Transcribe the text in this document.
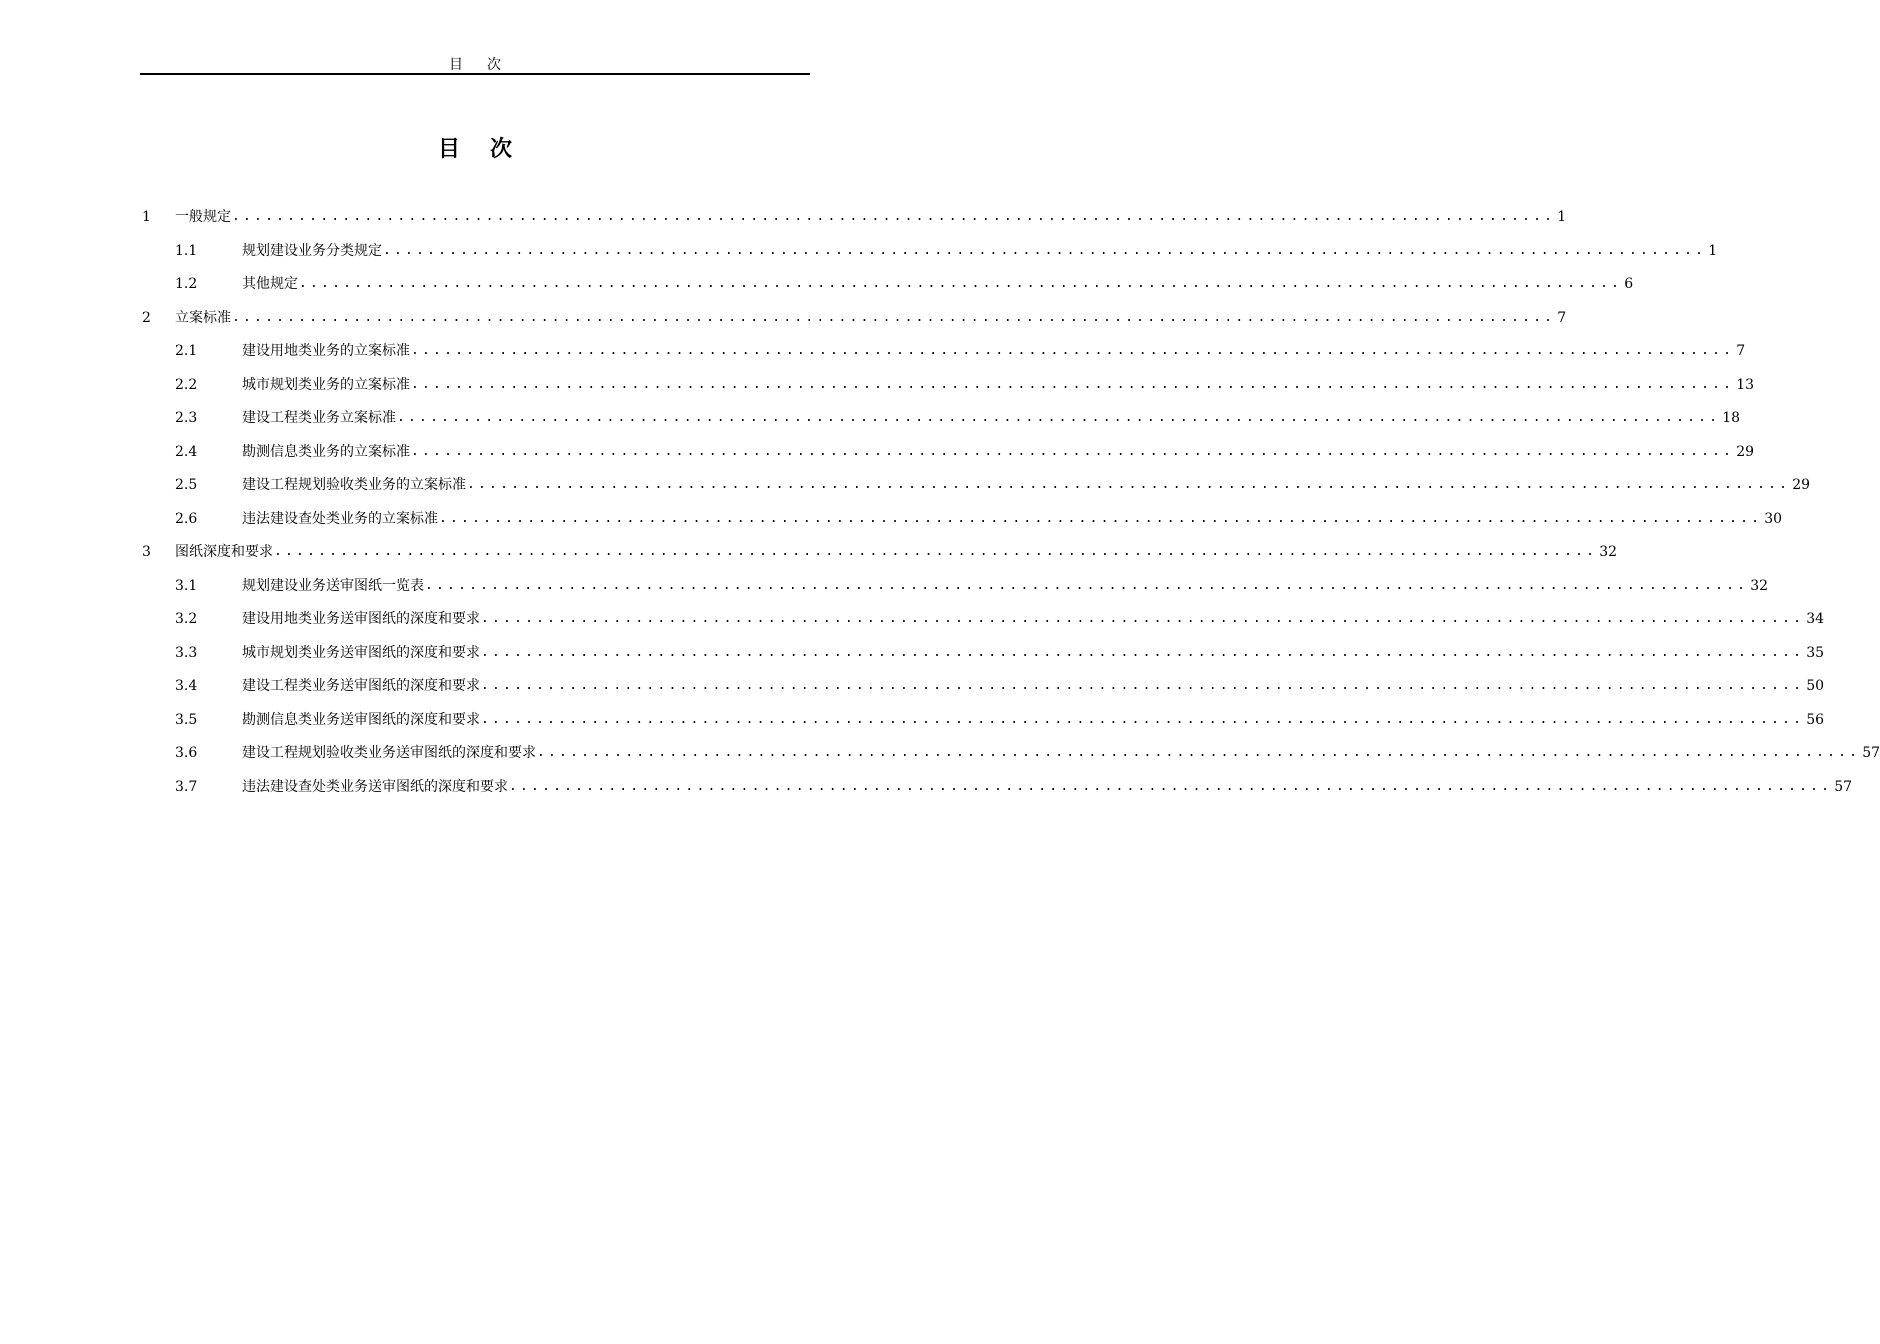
目次
目次
1	一般规定 ........................................................................................................................ 1
1.1	规划建设业务分类规定 ........................................................................................................................ 1
1.2	其他规定 ........................................................................................................................ 6
2	立案标准 ........................................................................................................................ 7
2.1	建设用地类业务的立案标准 ........................................................................................................................ 7
2.2	城市规划类业务的立案标准 ........................................................................................................................ 13
2.3	建设工程类业务立案标准 ........................................................................................................................ 18
2.4	勘测信息类业务的立案标准 ........................................................................................................................ 29
2.5	建设工程规划验收类业务的立案标准 ........................................................................................................................ 29
2.6	违法建设查处类业务的立案标准 ........................................................................................................................ 30
3	图纸深度和要求 ........................................................................................................................ 32
3.1	规划建设业务送审图纸一览表 ........................................................................................................................ 32
3.2	建设用地类业务送审图纸的深度和要求 ........................................................................................................................ 34
3.3	城市规划类业务送审图纸的深度和要求 ........................................................................................................................ 35
3.4	建设工程类业务送审图纸的深度和要求 ........................................................................................................................ 50
3.5	勘测信息类业务送审图纸的深度和要求 ........................................................................................................................ 56
3.6	建设工程规划验收类业务送审图纸的深度和要求 ........................................................................................................................ 57
3.7	违法建设查处类业务送审图纸的深度和要求 ........................................................................................................................ 57
